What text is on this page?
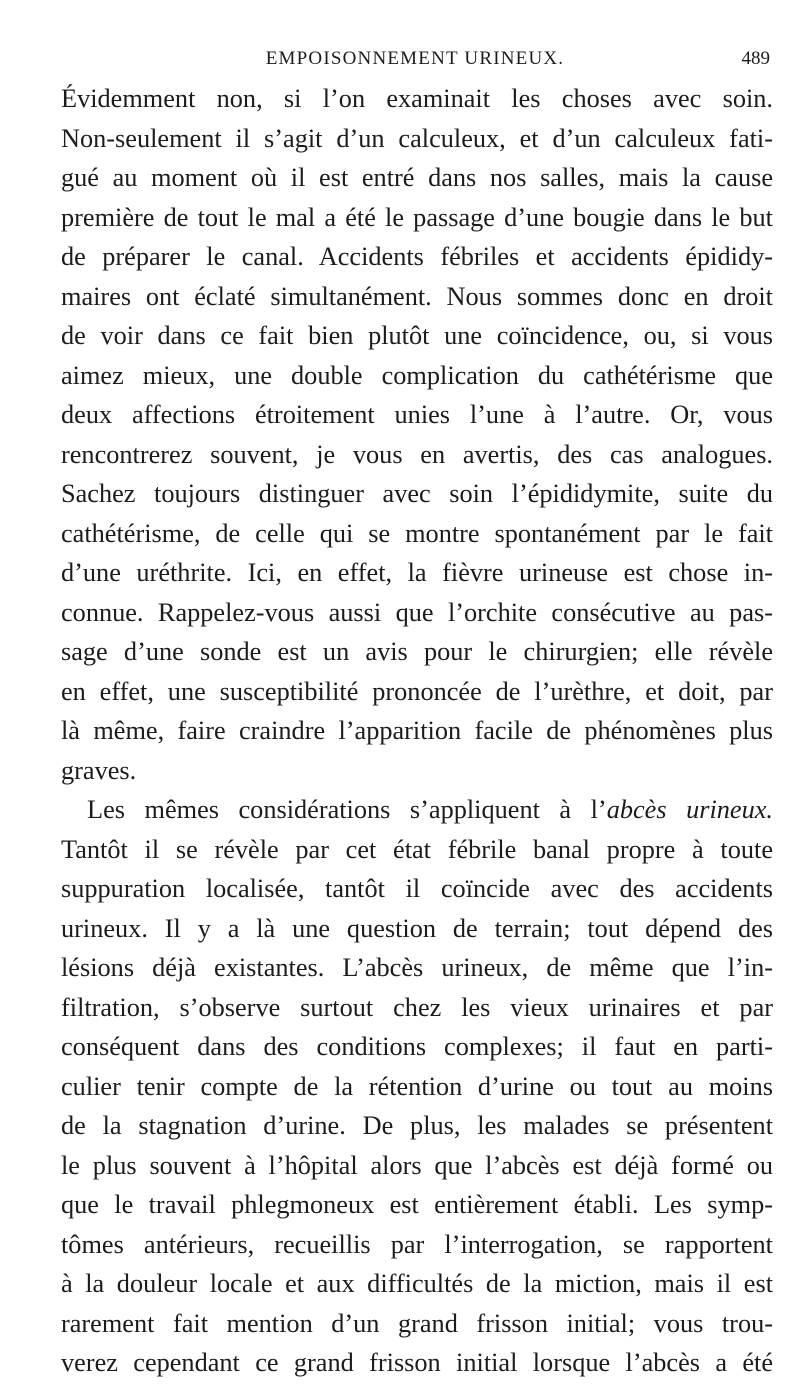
EMPOISONNEMENT URINEUX.	489
Évidemment non, si l’on examinait les choses avec soin.
Non-seulement il s’agit d’un calculeux, et d’un calculeux fati-
gué au moment où il est entré dans nos salles, mais la cause
première de tout le mal a été le passage d’une bougie dans le but
de préparer le canal. Accidents fébriles et accidents épididy-
maires ont éclaté simultanément. Nous sommes donc en droit
de voir dans ce fait bien plutôt une coïncidence, ou, si vous
aimez mieux, une double complication du cathétérisme que
deux affections étroitement unies l’une à l’autre. Or, vous
rencontrerez souvent, je vous en avertis, des cas analogues.
Sachez toujours distinguer avec soin l’épididymite, suite du
cathétérisme, de celle qui se montre spontanément par le fait
d’une uréthrite. Ici, en effet, la fièvre urineuse est chose in-
connue. Rappelez-vous aussi que l’orchite consécutive au pas-
sage d’une sonde est un avis pour le chirurgien; elle révèle
en effet, une susceptibilité prononcée de l’urèthre, et doit, par
là même, faire craindre l’apparition facile de phénomènes plus
graves.
Les mêmes considérations s’appliquent à l’abcès urineux.
Tantôt il se révèle par cet état fébrile banal propre à toute
suppuration localisée, tantôt il coïncide avec des accidents
urineux. Il y a là une question de terrain; tout dépend des
lésions déjà existantes. L’abcès urineux, de même que l’in-
filtration, s’observe surtout chez les vieux urinaires et par
conséquent dans des conditions complexes; il faut en parti-
culier tenir compte de la rétention d’urine ou tout au moins
de la stagnation d’urine. De plus, les malades se présentent
le plus souvent à l’hôpital alors que l’abcès est déjà formé ou
que le travail phlegmoneux est entièrement établi. Les symp-
tômes antérieurs, recueillis par l’interrogation, se rapportent
à la douleur locale et aux difficultés de la miction, mais il est
rarement fait mention d’un grand frisson initial; vous trou-
verez cependant ce grand frisson initial lorsque l’abcès a été
